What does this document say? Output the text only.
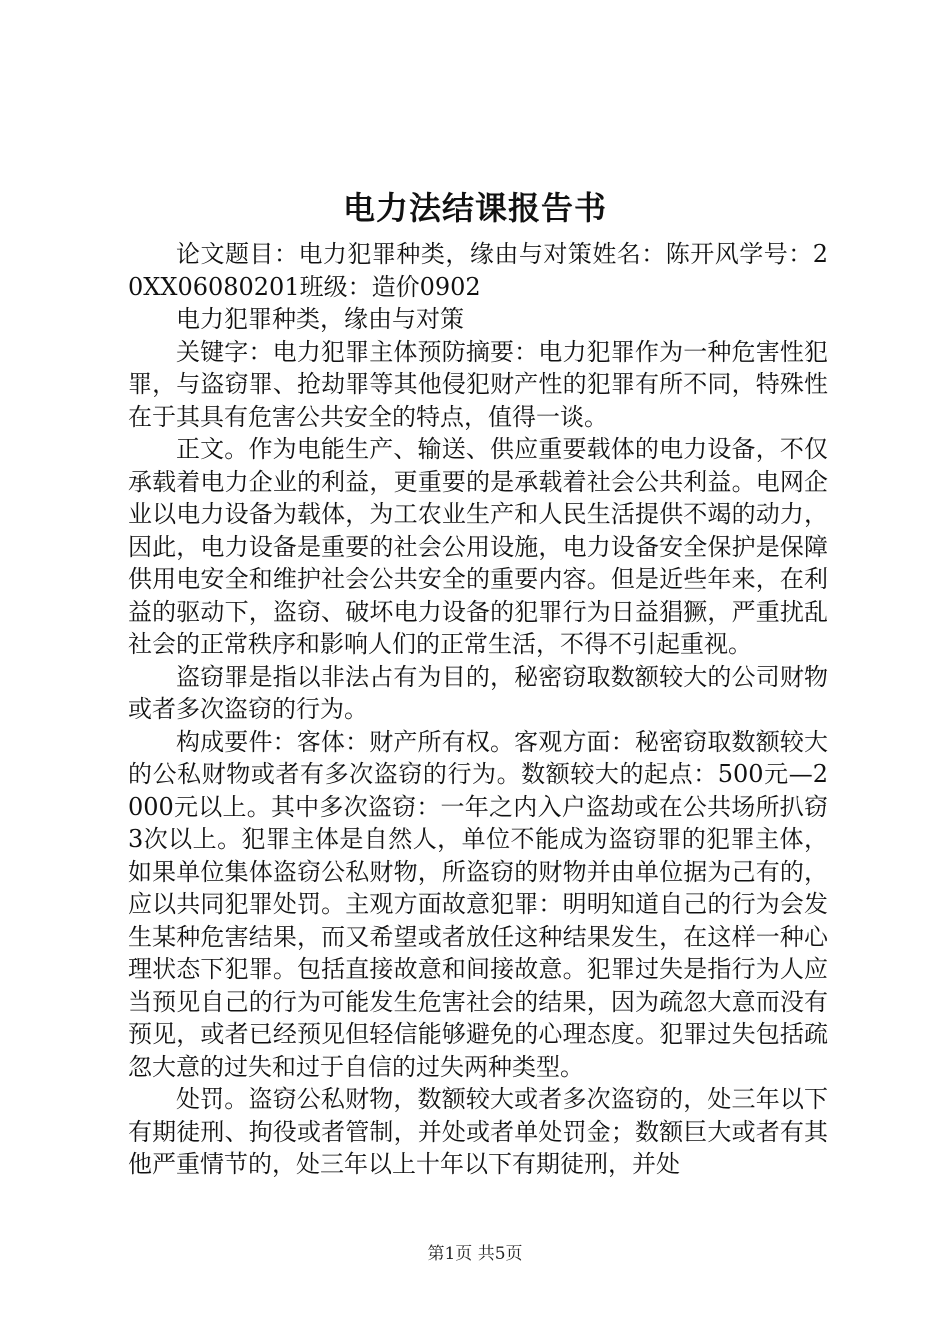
电力法结课报告书

论文题目：电力犯罪种类，缘由与对策姓名：陈开风学号：20XX06080201班级：造价0902

电力犯罪种类，缘由与对策

关键字：电力犯罪主体预防摘要：电力犯罪作为一种危害性犯罪，与盗窃罪、抢劫罪等其他侵犯财产性的犯罪有所不同，特殊性在于其具有危害公共安全的特点，值得一谈。

正文。作为电能生产、输送、供应重要载体的电力设备，不仅承载着电力企业的利益，更重要的是承载着社会公共利益。电网企业以电力设备为载体，为工农业生产和人民生活提供不竭的动力，因此，电力设备是重要的社会公用设施，电力设备安全保护是保障供用电安全和维护社会公共安全的重要内容。但是近些年来，在利益的驱动下，盗窃、破坏电力设备的犯罪行为日益猖獗，严重扰乱社会的正常秩序和影响人们的正常生活，不得不引起重视。

盗窃罪是指以非法占有为目的，秘密窃取数额较大的公司财物或者多次盗窃的行为。

构成要件：客体：财产所有权。客观方面：秘密窃取数额较大的公私财物或者有多次盗窃的行为。数额较大的起点：500元—2000元以上。其中多次盗窃：一年之内入户盗劫或在公共场所扒窃3次以上。犯罪主体是自然人，单位不能成为盗窃罪的犯罪主体，如果单位集体盗窃公私财物，所盗窃的财物并由单位据为己有的，应以共同犯罪处罚。主观方面故意犯罪：明明知道自己的行为会发生某种危害结果，而又希望或者放任这种结果发生，在这样一种心理状态下犯罪。包括直接故意和间接故意。犯罪过失是指行为人应当预见自己的行为可能发生危害社会的结果，因为疏忽大意而没有预见，或者已经预见但轻信能够避免的心理态度。犯罪过失包括疏忽大意的过失和过于自信的过失两种类型。

处罚。盗窃公私财物，数额较大或者多次盗窃的，处三年以下有期徒刑、拘役或者管制，并处或者单处罚金；数额巨大或者有其他严重情节的，处三年以上十年以下有期徒刑，并处

第1页 共5页
